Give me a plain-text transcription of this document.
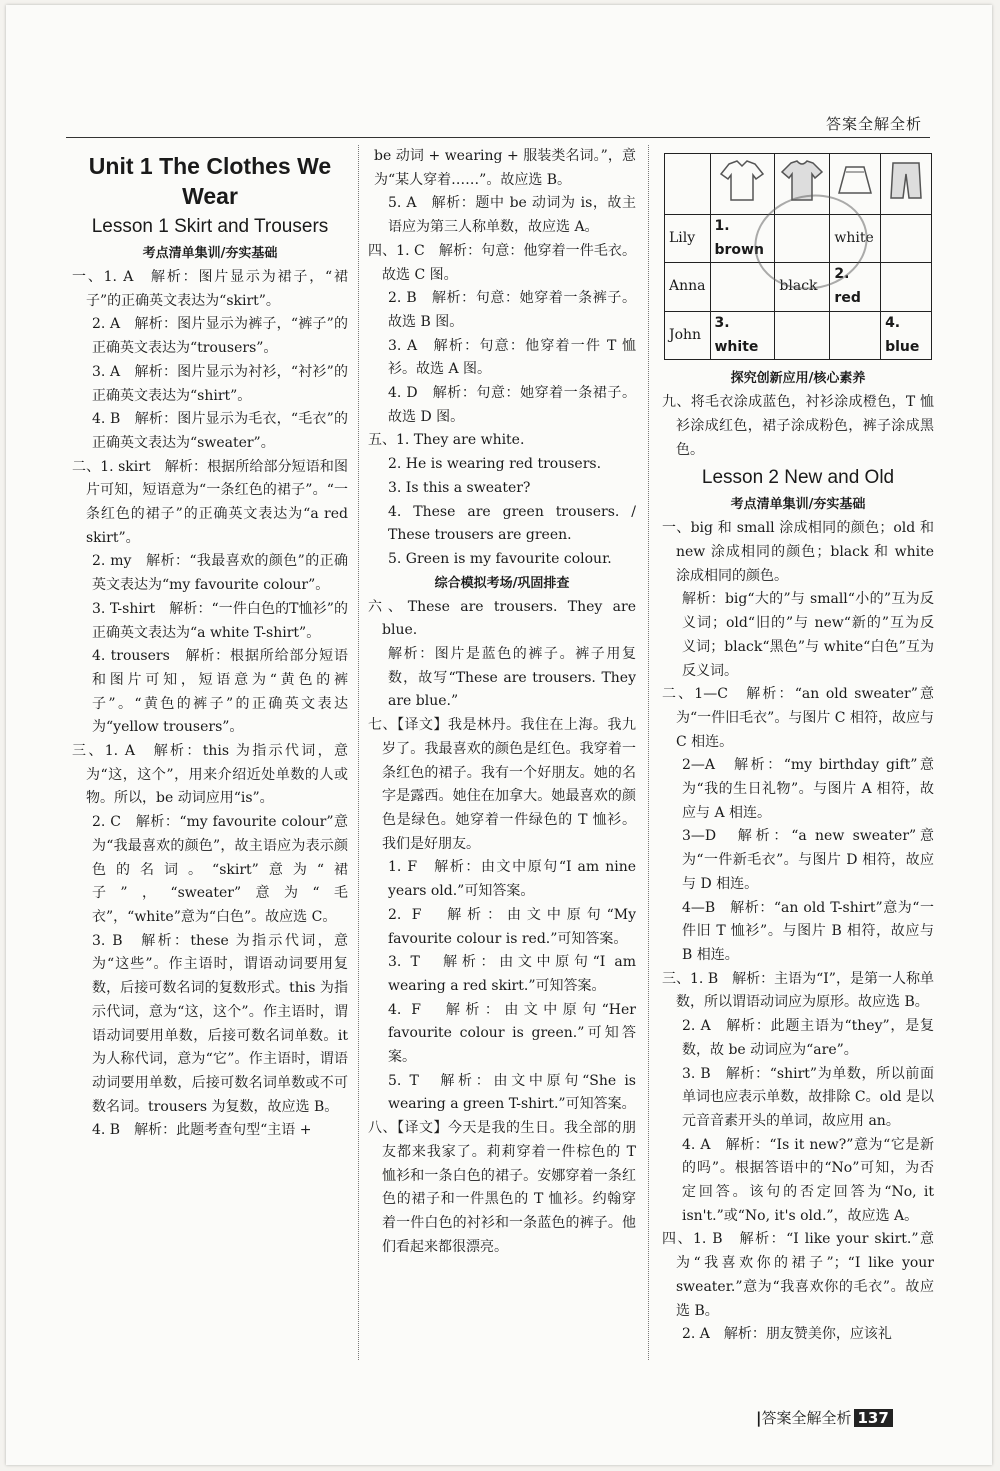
答案全解全析
Unit 1 The Clothes We
Wear
Lesson 1 Skirt and Trousers
考点清单集训/夯实基础

一、1. A　解析：图片显示为裙子，“裙子”的正确英文表达为“skirt”。

2. A　解析：图片显示为裤子，“裤子”的正确英文表达为“trousers”。

3. A　解析：图片显示为衬衫，“衬衫”的正确英文表达为“shirt”。

4. B　解析：图片显示为毛衣，“毛衣”的正确英文表达为“sweater”。

二、1. skirt　解析：根据所给部分短语和图片可知，短语意为“一条红色的裙子”。“一条红色的裙子”的正确英文表达为“a red skirt”。

2. my　解析：“我最喜欢的颜色”的正确英文表达为“my favourite colour”。

3. T-shirt　解析：“一件白色的T恤衫”的正确英文表达为“a white T-shirt”。

4. trousers　解析：根据所给部分短语和图片可知，短语意为“黄色的裤子”。“黄色的裤子”的正确英文表达为“yellow trousers”。

三、1. A　解析：this 为指示代词，意为“这，这个”，用来介绍近处单数的人或物。所以，be 动词应用“is”。

2. C　解析：“my favourite colour”意为“我最喜欢的颜色”，故主语应为表示颜色的名词。“skirt”意为“裙子”，“sweater”意为“毛衣”，“white”意为“白色”。故应选 C。

3. B　解析：these 为指示代词，意为“这些”。作主语时，谓语动词要用复数，后接可数名词的复数形式。this 为指示代词，意为“这，这个”。作主语时，谓语动词要用单数，后接可数名词单数。it 为人称代词，意为“它”。作主语时，谓语动词要用单数，后接可数名词单数或不可数名词。trousers 为复数，故应选 B。

4. B　解析：此题考查句型“主语 +

be 动词 + wearing + 服装类名词。”，意为“某人穿着……”。故应选 B。

5. A　解析：题中 be 动词为 is，故主语应为第三人称单数，故应选 A。

四、1. C　解析：句意：他穿着一件毛衣。故选 C 图。

2. B　解析：句意：她穿着一条裤子。故选 B 图。

3. A　解析：句意：他穿着一件 T 恤衫。故选 A 图。

4. D　解析：句意：她穿着一条裙子。故选 D 图。

五、1. They are white.

2. He is wearing red trousers.

3. Is this a sweater?

4. These are green trousers. / These trousers are green.

5. Green is my favourite colour.

综合模拟考场/巩固排查

六、These are trousers. They are blue.

解析：图片是蓝色的裤子。裤子用复数，故写“These are trousers. They are blue.”

七、【译文】我是林丹。我住在上海。我九岁了。我最喜欢的颜色是红色。我穿着一条红色的裙子。我有一个好朋友。她的名字是露西。她住在加拿大。她最喜欢的颜色是绿色。她穿着一件绿色的 T 恤衫。我们是好朋友。

1. F　解析：由文中原句“I am nine years old.”可知答案。

2. F　解析：由文中原句“My favourite colour is red.”可知答案。

3. T　解析：由文中原句“I am wearing a red skirt.”可知答案。

4. F　解析：由文中原句“Her favourite colour is green.”可知答案。

5. T　解析：由文中原句“She is wearing a green T-shirt.”可知答案。

八、【译文】今天是我的生日。我全部的朋友都来我家了。莉莉穿着一件棕色的 T 恤衫和一条白色的裙子。安娜穿着一条红色的裙子和一件黑色的 T 恤衫。约翰穿着一件白色的衬衫和一条蓝色的裤子。他们看起来都很漂亮。

Lily	1. brown		white	
Anna		black	2. red	
John	3. white			4. blue
探究创新应用/核心素养

九、将毛衣涂成蓝色，衬衫涂成橙色，T 恤衫涂成红色，裙子涂成粉色，裤子涂成黑色。

Lesson 2 New and Old
考点清单集训/夯实基础

一、big 和 small 涂成相同的颜色；old 和 new 涂成相同的颜色；black 和 white 涂成相同的颜色。

解析：big“大的”与 small“小的”互为反义词；old“旧的”与 new“新的”互为反义词；black“黑色”与 white“白色”互为反义词。

二、1—C　解析：“an old sweater”意为“一件旧毛衣”。与图片 C 相符，故应与 C 相连。

2—A　解析：“my birthday gift”意为“我的生日礼物”。与图片 A 相符，故应与 A 相连。

3—D　解析：“a new sweater”意为“一件新毛衣”。与图片 D 相符，故应与 D 相连。

4—B　解析：“an old T-shirt”意为“一件旧 T 恤衫”。与图片 B 相符，故应与 B 相连。

三、1. B　解析：主语为“I”，是第一人称单数，所以谓语动词应为原形。故应选 B。

2. A　解析：此题主语为“they”，是复数，故 be 动词应为“are”。

3. B　解析：“shirt”为单数，所以前面单词也应表示单数，故排除 C。old 是以元音音素开头的单词，故应用 an。

4. A　解析：“Is it new?”意为“它是新的吗”。根据答语中的“No”可知，为否定回答。该句的否定回答为“No, it isn't.”或“No, it's old.”，故应选 A。

四、1. B　解析：“I like your skirt.”意为“我喜欢你的裙子”；“I like your sweater.”意为“我喜欢你的毛衣”。故应选 B。

2. A　解析：朋友赞美你，应该礼

|答案全解全析 137
